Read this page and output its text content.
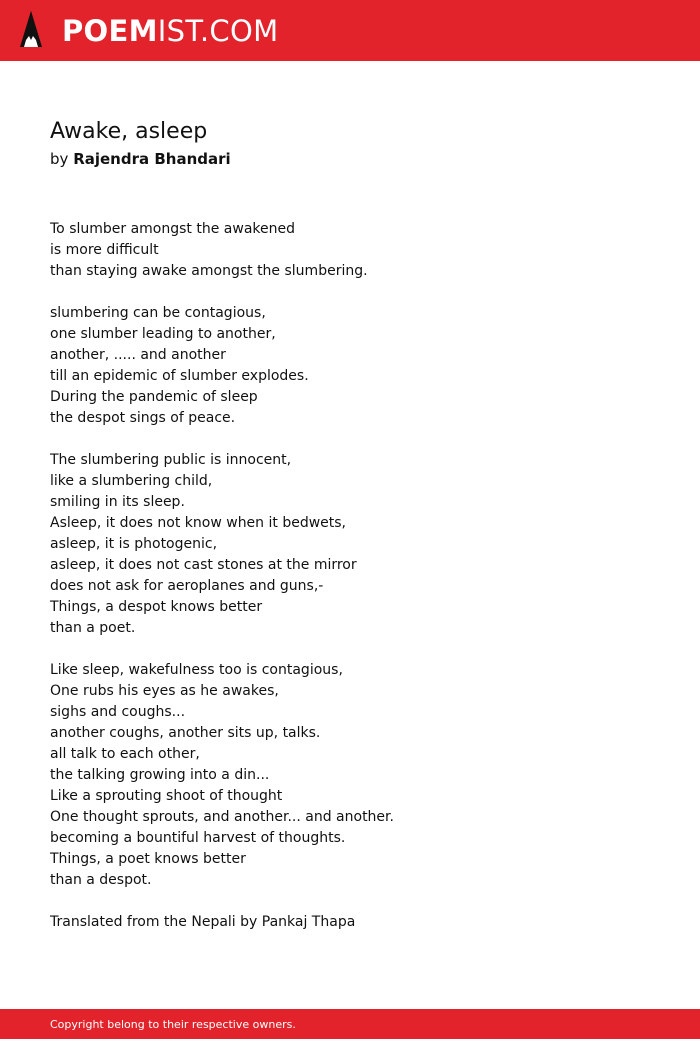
POEMIST.COM
Awake, asleep
by Rajendra Bhandari
To slumber amongst the awakened
is more difficult
than staying awake amongst the slumbering.
slumbering can be contagious,
one slumber leading to another,
another, ..... and another
till an epidemic of slumber explodes.
During the pandemic of sleep
the despot sings of peace.
The slumbering public is innocent,
like a slumbering child,
smiling in its sleep.
Asleep, it does not know when it bedwets,
asleep, it is photogenic,
asleep, it does not cast stones at the mirror
does not ask for aeroplanes and guns,-
Things, a despot knows better
than a poet.
Like sleep, wakefulness too is contagious,
One rubs his eyes as he awakes,
sighs and coughs...
another coughs, another sits up, talks.
all talk to each other,
the talking growing into a din...
Like a sprouting shoot of thought
One thought sprouts, and another... and another.
becoming a bountiful harvest of thoughts.
Things, a poet knows better
than a despot.
Translated from the Nepali by Pankaj Thapa
Copyright belong to their respective owners.
